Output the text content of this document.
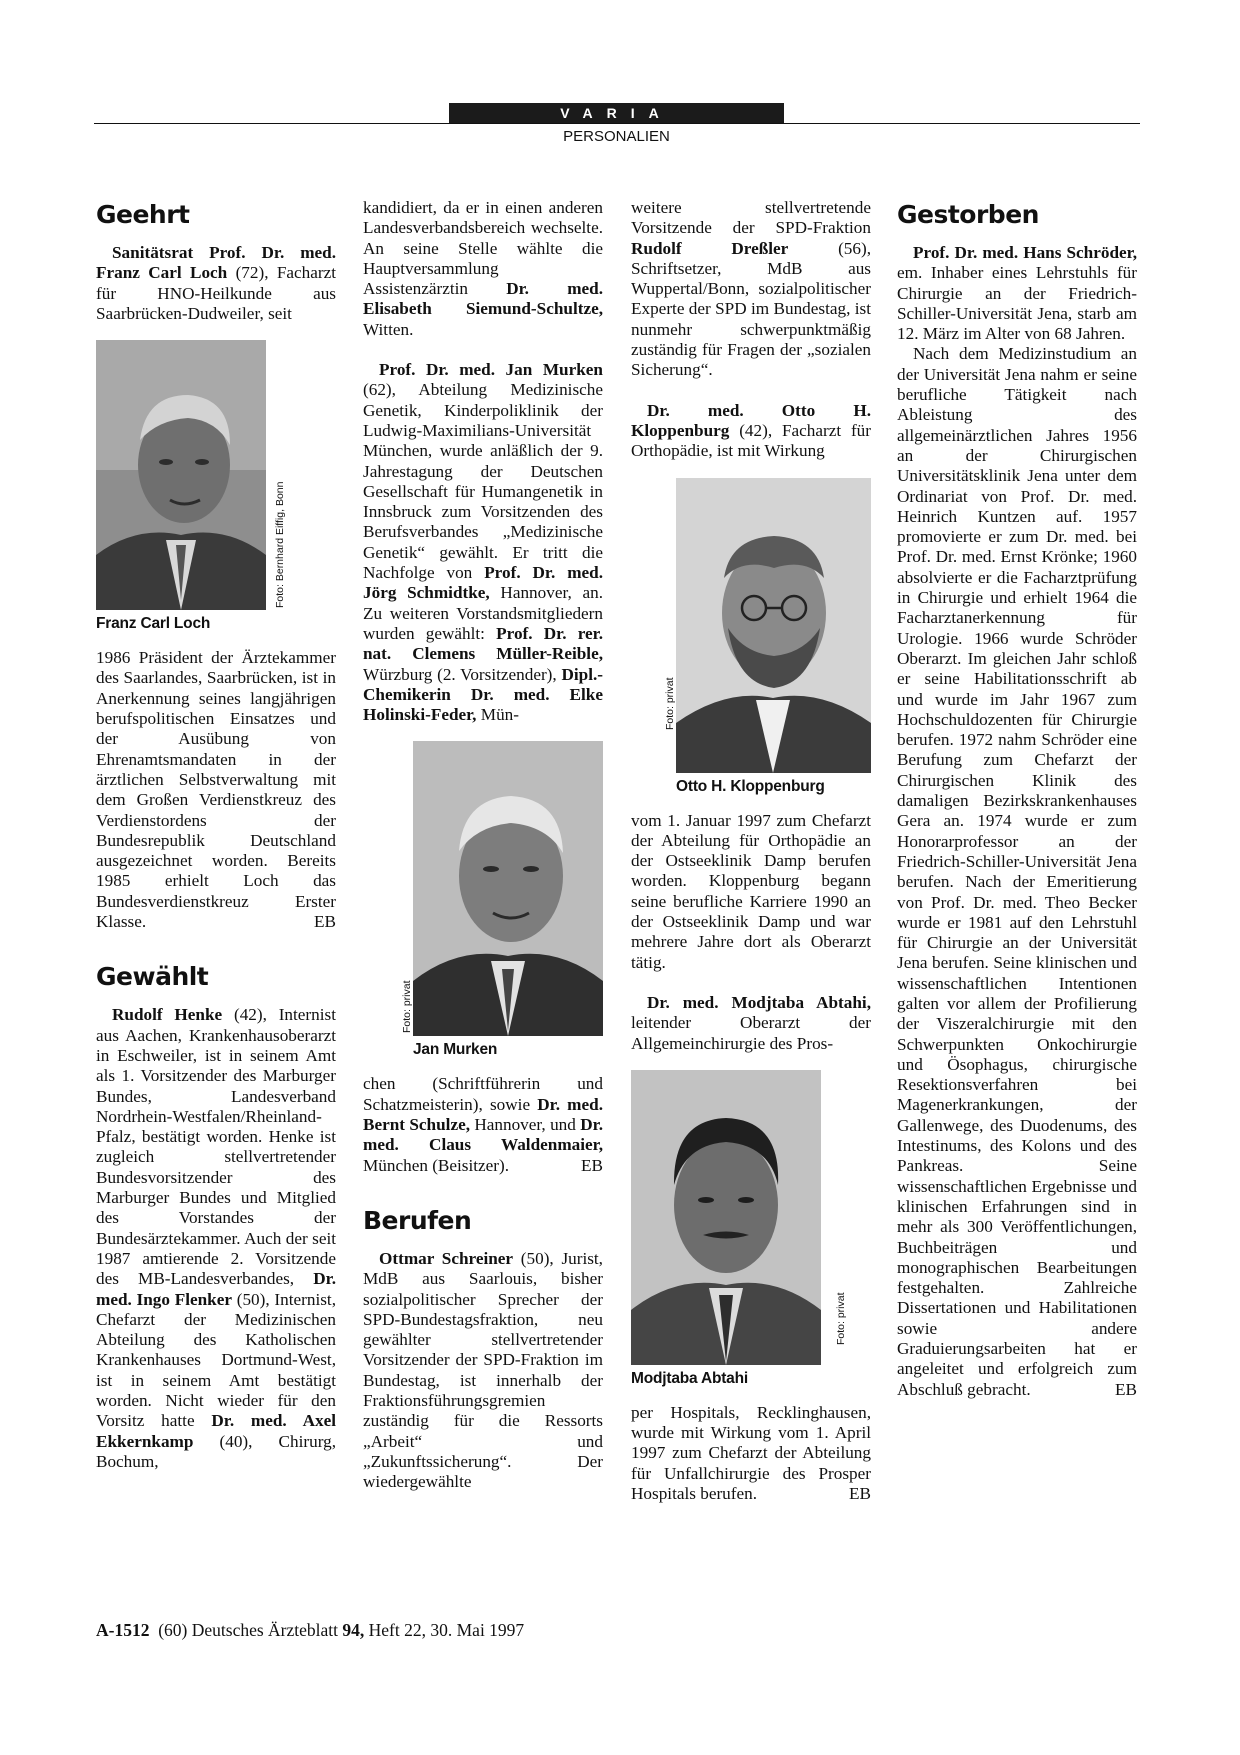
VARIA
PERSONALIEN
Geehrt

Sanitätsrat Prof. Dr. med. Franz Carl Loch (72), Facharzt für HNO-Heilkunde aus Saarbrücken-Dudweiler, seit

Foto: Bernhard Eiffig, Bonn
Franz Carl Loch

1986 Präsident der Ärztekammer des Saarlandes, Saarbrücken, ist in Anerkennung seines langjährigen berufspolitischen Einsatzes und der Ausübung von Ehrenamtsmandaten in der ärztlichen Selbstverwaltung mit dem Großen Verdienstkreuz des Verdienstordens der Bundesrepublik Deutschland ausgezeichnet worden. Bereits 1985 erhielt Loch das Bundesverdienstkreuz Erster Klasse.	EB

Gewählt

Rudolf Henke (42), Internist aus Aachen, Krankenhausoberarzt in Eschweiler, ist in seinem Amt als 1. Vorsitzender des Marburger Bundes, Landesverband Nordrhein-Westfalen/Rheinland-Pfalz, bestätigt worden. Henke ist zugleich stellvertretender Bundesvorsitzender des Marburger Bundes und Mitglied des Vorstandes der Bundesärztekammer. Auch der seit 1987 amtierende 2. Vorsitzende des MB-Landesverbandes, Dr. med. Ingo Flenker (50), Internist, Chefarzt der Medizinischen Abteilung des Katholischen Krankenhauses Dortmund-West, ist in seinem Amt bestätigt worden. Nicht wieder für den Vorsitz hatte Dr. med. Axel Ekkernkamp (40), Chirurg, Bochum,

kandidiert, da er in einen anderen Landesverbandsbereich wechselte. An seine Stelle wählte die Hauptversammlung Assistenzärztin Dr. med. Elisabeth Siemund-Schultze, Witten.

Prof. Dr. med. Jan Murken (62), Abteilung Medizinische Genetik, Kinderpoliklinik der Ludwig-Maximilians-Universität München, wurde anläßlich der 9. Jahrestagung der Deutschen Gesellschaft für Humangenetik in Innsbruck zum Vorsitzenden des Berufsverbandes „Medizinische Genetik“ gewählt. Er tritt die Nachfolge von Prof. Dr. med. Jörg Schmidtke, Hannover, an. Zu weiteren Vorstandsmitgliedern wurden gewählt: Prof. Dr. rer. nat. Clemens Müller-Reible, Würzburg (2. Vorsitzender), Dipl.-Chemikerin Dr. med. Elke Holinski-Feder, Mün-

Foto: privat
Jan Murken

chen (Schriftführerin und Schatzmeisterin), sowie Dr. med. Bernt Schulze, Hannover, und Dr. med. Claus Waldenmaier, München (Beisitzer).	EB

Berufen

Ottmar Schreiner (50), Jurist, MdB aus Saarlouis, bisher sozialpolitischer Sprecher der SPD-Bundestagsfraktion, neu gewählter stellvertretender Vorsitzender der SPD-Fraktion im Bundestag, ist innerhalb der Fraktionsführungsgremien zuständig für die Ressorts „Arbeit“ und „Zukunftssicherung“. Der wiedergewählte

weitere stellvertretende Vorsitzende der SPD-Fraktion Rudolf Dreßler (56), Schriftsetzer, MdB aus Wuppertal/Bonn, sozialpolitischer Experte der SPD im Bundestag, ist nunmehr schwerpunktmäßig zuständig für Fragen der „sozialen Sicherung“.

Dr. med. Otto H. Kloppenburg (42), Facharzt für Orthopädie, ist mit Wirkung

Foto: privat
Otto H. Kloppenburg

vom 1. Januar 1997 zum Chefarzt der Abteilung für Orthopädie an der Ostseeklinik Damp berufen worden. Kloppenburg begann seine berufliche Karriere 1990 an der Ostseeklinik Damp und war mehrere Jahre dort als Oberarzt tätig.

Dr. med. Modjtaba Abtahi, leitender Oberarzt der Allgemeinchirurgie des Pros-

Foto: privat
Modjtaba Abtahi

per Hospitals, Recklinghausen, wurde mit Wirkung vom 1. April 1997 zum Chefarzt der Abteilung für Unfallchirurgie des Prosper Hospitals berufen.	EB

Gestorben

Prof. Dr. med. Hans Schröder, em. Inhaber eines Lehrstuhls für Chirurgie an der Friedrich-Schiller-Universität Jena, starb am 12. März im Alter von 68 Jahren.

Nach dem Medizinstudium an der Universität Jena nahm er seine berufliche Tätigkeit nach Ableistung des allgemeinärztlichen Jahres 1956 an der Chirurgischen Universitätsklinik Jena unter dem Ordinariat von Prof. Dr. med. Heinrich Kuntzen auf. 1957 promovierte er zum Dr. med. bei Prof. Dr. med. Ernst Krönke; 1960 absolvierte er die Facharztprüfung in Chirurgie und erhielt 1964 die Facharztanerkennung für Urologie. 1966 wurde Schröder Oberarzt. Im gleichen Jahr schloß er seine Habilitationsschrift ab und wurde im Jahr 1967 zum Hochschuldozenten für Chirurgie berufen. 1972 nahm Schröder eine Berufung zum Chefarzt der Chirurgischen Klinik des damaligen Bezirkskrankenhauses Gera an. 1974 wurde er zum Honorarprofessor an der Friedrich-Schiller-Universität Jena berufen. Nach der Emeritierung von Prof. Dr. med. Theo Becker wurde er 1981 auf den Lehrstuhl für Chirurgie an der Universität Jena berufen. Seine klinischen und wissenschaftlichen Intentionen galten vor allem der Profilierung der Viszeralchirurgie mit den Schwerpunkten Onkochirurgie und Ösophagus, chirurgische Resektionsverfahren bei Magenerkrankungen, der Gallenwege, des Duodenums, des Intestinums, des Kolons und des Pankreas. Seine wissenschaftlichen Ergebnisse und klinischen Erfahrungen sind in mehr als 300 Veröffentlichungen, Buchbeiträgen und monographischen Bearbeitungen festgehalten. Zahlreiche Dissertationen und Habilitationen sowie andere Graduierungsarbeiten hat er angeleitet und erfolgreich zum Abschluß gebracht.	EB

A-1512 (60) Deutsches Ärzteblatt 94, Heft 22, 30. Mai 1997
